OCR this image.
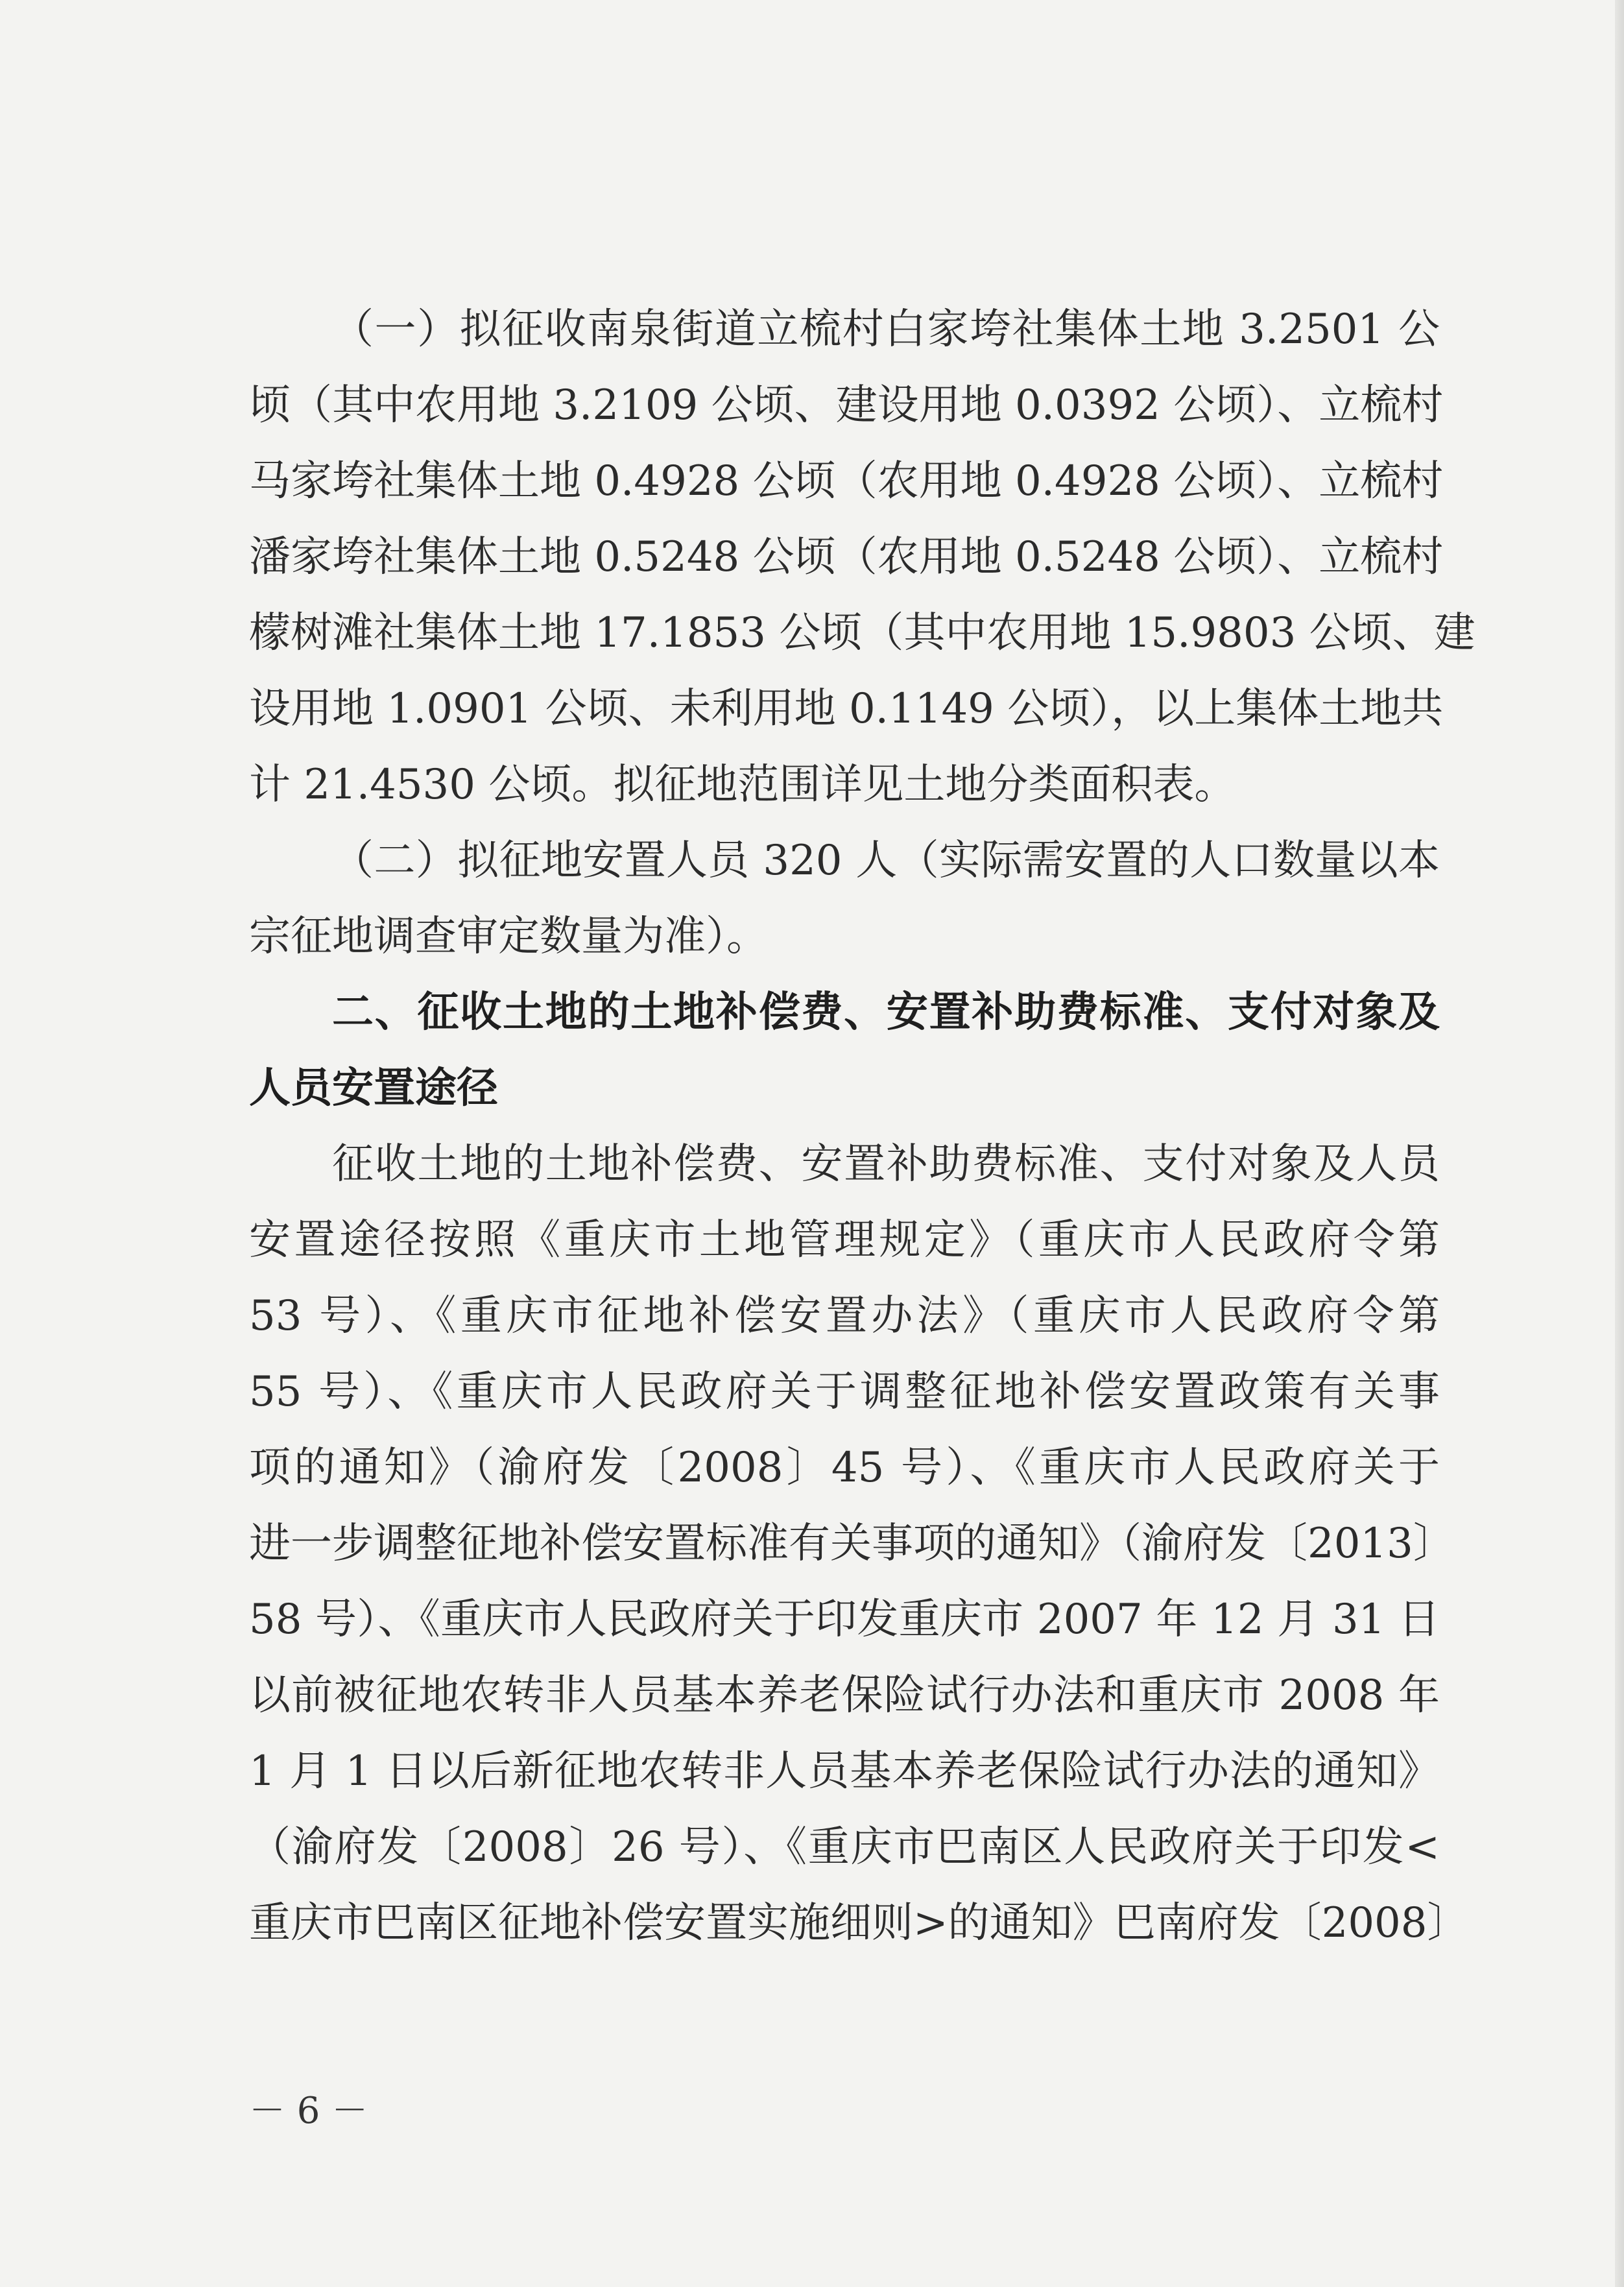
（一）拟征收南泉街道立梳村白家垮社集体土地 3.2501 公
顷（其中农用地 3.2109 公顷、建设用地 0.0392 公顷）、立梳村
马家垮社集体土地 0.4928 公顷（农用地 0.4928 公顷）、立梳村
潘家垮社集体土地 0.5248 公顷（农用地 0.5248 公顷）、立梳村
檬树滩社集体土地 17.1853 公顷（其中农用地 15.9803 公顷、建
设用地 1.0901 公顷、未利用地 0.1149 公顷），以上集体土地共
计 21.4530 公顷。拟征地范围详见土地分类面积表。
（二）拟征地安置人员 320 人（实际需安置的人口数量以本
宗征地调查审定数量为准）。
二、征收土地的土地补偿费、安置补助费标准、支付对象及
人员安置途径
征收土地的土地补偿费、安置补助费标准、支付对象及人员
安置途径按照《重庆市土地管理规定》（重庆市人民政府令第
53 号）、《重庆市征地补偿安置办法》（重庆市人民政府令第
55 号）、《重庆市人民政府关于调整征地补偿安置政策有关事
项的通知》（渝府发〔2008〕45 号）、《重庆市人民政府关于
进一步调整征地补偿安置标准有关事项的通知》（渝府发〔2013〕
58 号）、《重庆市人民政府关于印发重庆市 2007 年 12 月 31 日
以前被征地农转非人员基本养老保险试行办法和重庆市 2008 年
1 月 1 日以后新征地农转非人员基本养老保险试行办法的通知》
（渝府发〔2008〕26 号）、《重庆市巴南区人民政府关于印发<
重庆市巴南区征地补偿安置实施细则>的通知》巴南府发〔2008〕
－ 6 －
